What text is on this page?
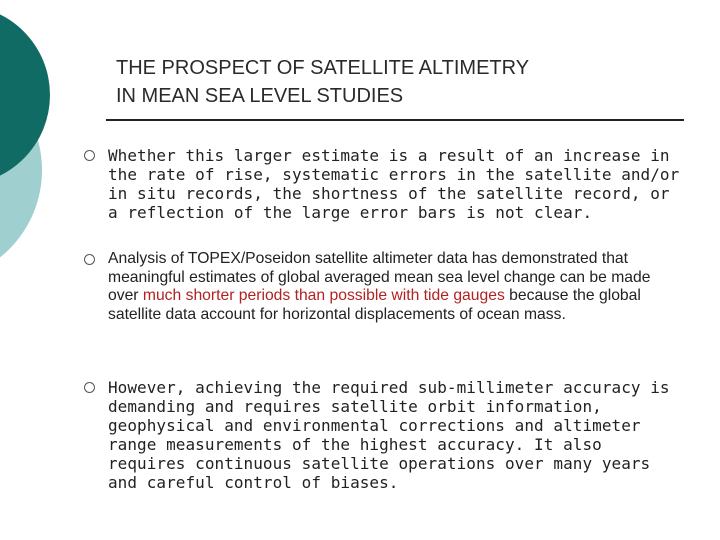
THE PROSPECT OF SATELLITE ALTIMETRY
IN MEAN SEA LEVEL STUDIES
Whether this larger estimate is a result of an increase in the rate of rise, systematic errors in the satellite and/or in situ records, the shortness of the satellite record, or a reflection of the large error bars is not clear.
Analysis of TOPEX/Poseidon satellite altimeter data has demonstrated that meaningful estimates of global averaged mean sea level change can be made over much shorter periods than possible with tide gauges because the global satellite data account for horizontal displacements of ocean mass.
However, achieving the required sub-millimeter accuracy is demanding and requires satellite orbit information, geophysical and environmental corrections and altimeter range measurements of the highest accuracy. It also requires continuous satellite operations over many years and careful control of biases.
